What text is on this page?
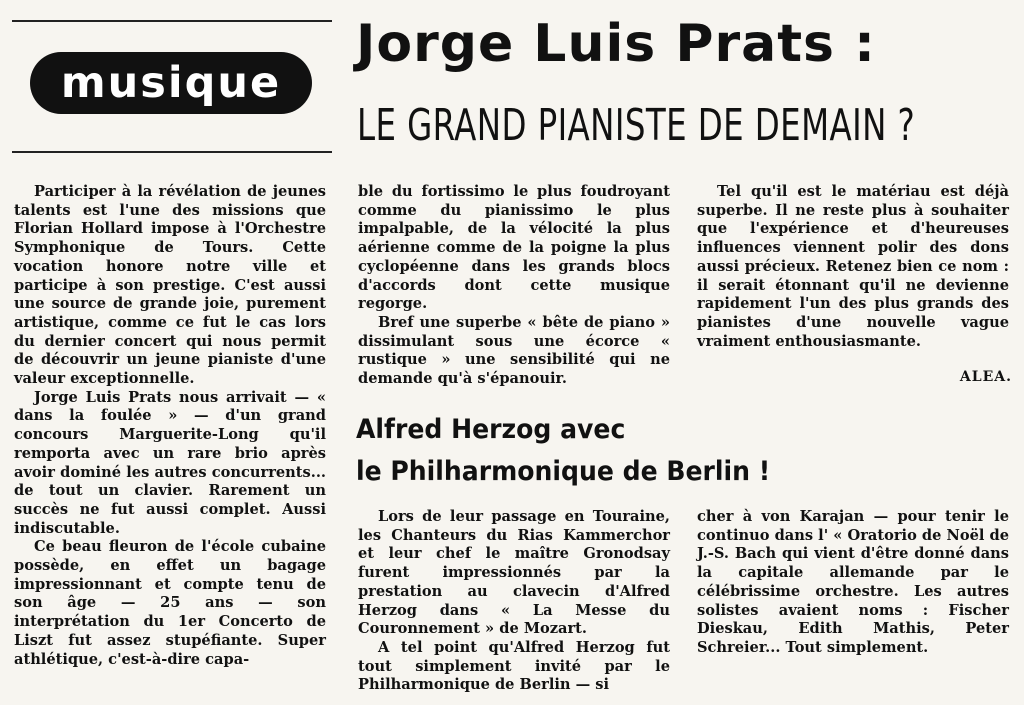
musique
Jorge Luis Prats :
LE GRAND PIANISTE DE DEMAIN ?

Participer à la révélation de jeunes talents est l'une des missions que Florian Hollard impose à l'Orchestre Symphonique de Tours. Cette vocation honore notre ville et participe à son prestige. C'est aussi une source de grande joie, purement artistique, comme ce fut le cas lors du dernier concert qui nous permit de découvrir un jeune pianiste d'une valeur exceptionnelle.

Jorge Luis Prats nous arrivait — « dans la foulée » — d'un grand concours Marguerite-Long qu'il remporta avec un rare brio après avoir dominé les autres concurrents... de tout un clavier. Rarement un succès ne fut aussi complet. Aussi indiscutable.

Ce beau fleuron de l'école cubaine possède, en effet un bagage impressionnant et compte tenu de son âge — 25 ans — son interprétation du 1er Concerto de Liszt fut assez stupéfiante. Super athlétique, c'est-à-dire capa-

ble du fortissimo le plus foudroyant comme du pianissimo le plus impalpable, de la vélocité la plus aérienne comme de la poigne la plus cyclopéenne dans les grands blocs d'accords dont cette musique regorge.

Bref une superbe « bête de piano » dissimulant sous une écorce « rustique » une sensibilité qui ne demande qu'à s'épanouir.

Tel qu'il est le matériau est déjà superbe. Il ne reste plus à souhaiter que l'expérience et d'heureuses influences viennent polir des dons aussi précieux. Retenez bien ce nom : il serait étonnant qu'il ne devienne rapidement l'un des plus grands des pianistes d'une nouvelle vague vraiment enthousiasmante.

ALEA.
Alfred Herzog avec
le Philharmonique de Berlin !

Lors de leur passage en Touraine, les Chanteurs du Rias Kammerchor et leur chef le maître Gronodsay furent impressionnés par la prestation au clavecin d'Alfred Herzog dans « La Messe du Couronnement » de Mozart.

A tel point qu'Alfred Herzog fut tout simplement invité par le Philharmonique de Berlin — si

cher à von Karajan — pour tenir le continuo dans l' « Oratorio de Noël de J.-S. Bach qui vient d'être donné dans la capitale allemande par le célébrissime orchestre. Les autres solistes avaient noms : Fischer Dieskau, Edith Mathis, Peter Schreier... Tout simplement.
